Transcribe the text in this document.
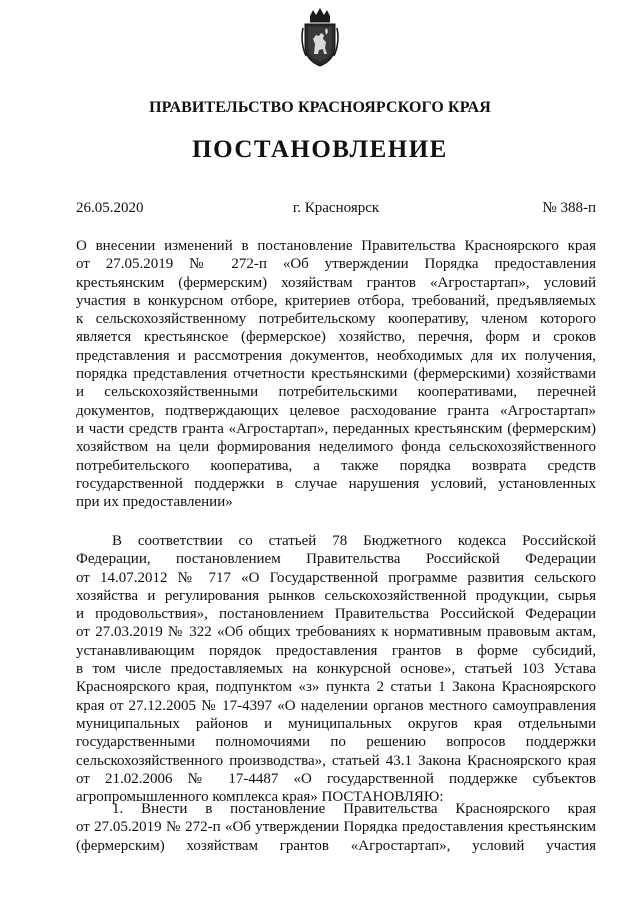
ПРАВИТЕЛЬСТВО КРАСНОЯРСКОГО КРАЯ
ПОСТАНОВЛЕНИЕ
26.05.2020	г. Красноярск	№ 388-п
О внесении изменений в постановление Правительства Красноярского края
от 27.05.2019 № 272-п «Об утверждении Порядка предоставления
крестьянским (фермерским) хозяйствам грантов «Агростартап», условий
участия в конкурсном отборе, критериев отбора, требований, предъявляемых
к сельскохозяйственному потребительскому кооперативу, членом которого
является крестьянское (фермерское) хозяйство, перечня, форм и сроков
представления и рассмотрения документов, необходимых для их получения,
порядка представления отчетности крестьянскими (фермерскими) хозяйствами
и сельскохозяйственными потребительскими кооперативами, перечней
документов, подтверждающих целевое расходование гранта «Агростартап»
и части средств гранта «Агростартап», переданных крестьянским (фермерским)
хозяйством на цели формирования неделимого фонда сельскохозяйственного
потребительского кооператива, а также порядка возврата средств
государственной поддержки в случае нарушения условий, установленных
при их предоставлении»
В соответствии со статьей 78 Бюджетного кодекса Российской
Федерации, постановлением Правительства Российской Федерации
от 14.07.2012 № 717 «О Государственной программе развития сельского
хозяйства и регулирования рынков сельскохозяйственной продукции, сырья
и продовольствия», постановлением Правительства Российской Федерации
от 27.03.2019 № 322 «Об общих требованиях к нормативным правовым актам,
устанавливающим порядок предоставления грантов в форме субсидий,
в том числе предоставляемых на конкурсной основе», статьей 103 Устава
Красноярского края, подпунктом «з» пункта 2 статьи 1 Закона Красноярского
края от 27.12.2005 № 17-4397 «О наделении органов местного самоуправления
муниципальных районов и муниципальных округов края отдельными
государственными полномочиями по решению вопросов поддержки
сельскохозяйственного производства», статьей 43.1 Закона Красноярского края
от 21.02.2006 № 17-4487 «О государственной поддержке субъектов
агропромышленного комплекса края» ПОСТАНОВЛЯЮ:
1. Внести в постановление Правительства Красноярского края
от 27.05.2019 № 272-п «Об утверждении Порядка предоставления крестьянским
(фермерским) хозяйствам грантов «Агростартап», условий участия
